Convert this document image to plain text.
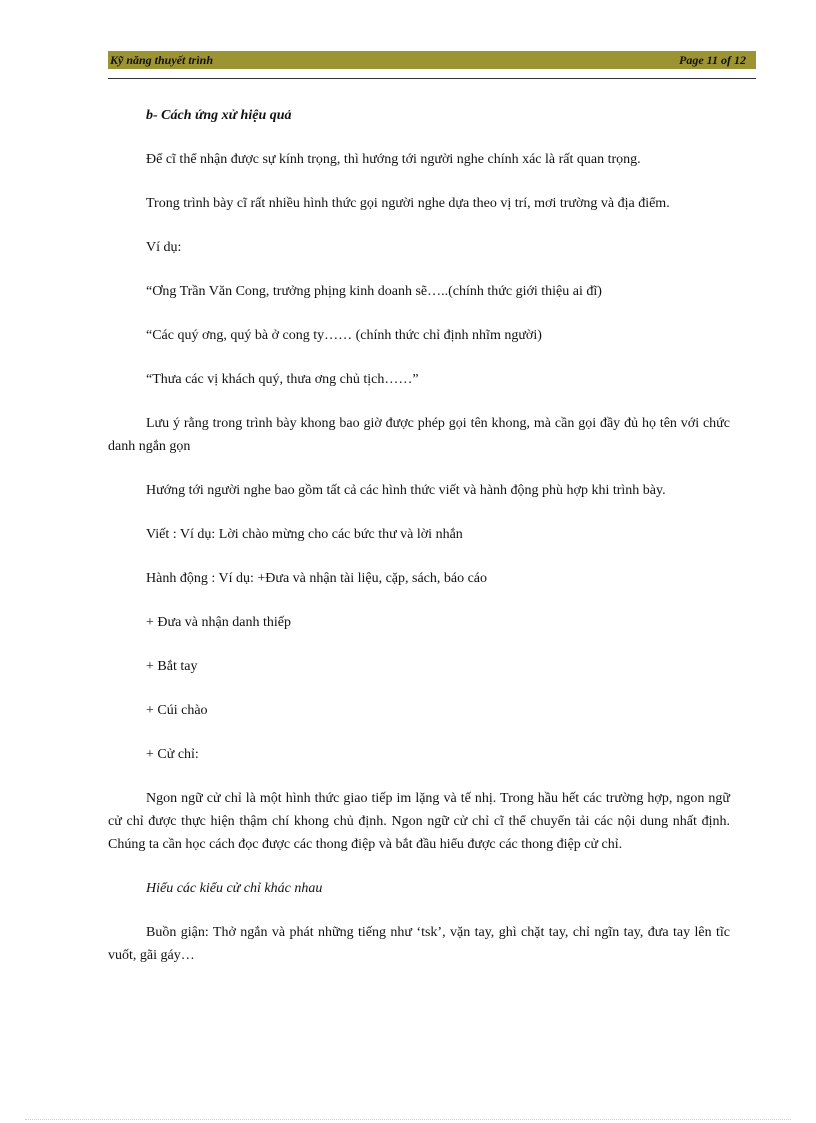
Kỹ năng thuyết trình	Page 11 of 12

b- Cách ứng xử hiệu quả

Để cĩ thể nhận được sự kính trọng, thì hướng tới người nghe chính xác là rất quan trọng.

Trong trình bày cĩ rất nhiều hình thức gọi người nghe dựa theo vị trí, mơi trường và địa điểm.

Ví dụ:

“Ơng Trần Văn Cong, trưởng phịng kinh doanh sẽ…..(chính thức giới thiệu ai đĩ)

“Các quý ơng, quý bà ở cong ty…… (chính thức chỉ định nhĩm người)

“Thưa các vị khách quý, thưa ơng chủ tịch……”

Lưu ý rằng trong trình bày khong bao giờ được phép gọi tên khong, mà cần gọi đầy đủ họ tên với chức danh ngắn gọn

Hướng tới người nghe bao gồm tất cả các hình thức viết và hành động phù hợp khi trình bày.

Viết : Ví dụ: Lời chào mừng cho các bức thư và lời nhắn

Hành động : Ví dụ: +Đưa và nhận tài liệu, cặp, sách, báo cáo

+ Đưa và nhận danh thiếp

+ Bắt tay

+ Cúi chào

+ Cử chỉ:

Ngon ngữ cử chỉ là một hình thức giao tiếp im lặng và tế nhị. Trong hầu hết các trường hợp, ngon ngữ cử chỉ được thực hiện thậm chí khong chủ định. Ngon ngữ cử chỉ cĩ thể chuyển tải các nội dung nhất định. Chúng ta cần học cách đọc được các thong điệp và bắt đầu hiểu được các thong điệp cử chỉ.

Hiểu các kiểu cử chỉ khác nhau

Buồn giận: Thở ngắn và phát những tiếng như ‘tsk’, vặn tay, ghì chặt tay, chỉ ngĩn tay, đưa tay lên tĩc vuốt, gãi gáy…
